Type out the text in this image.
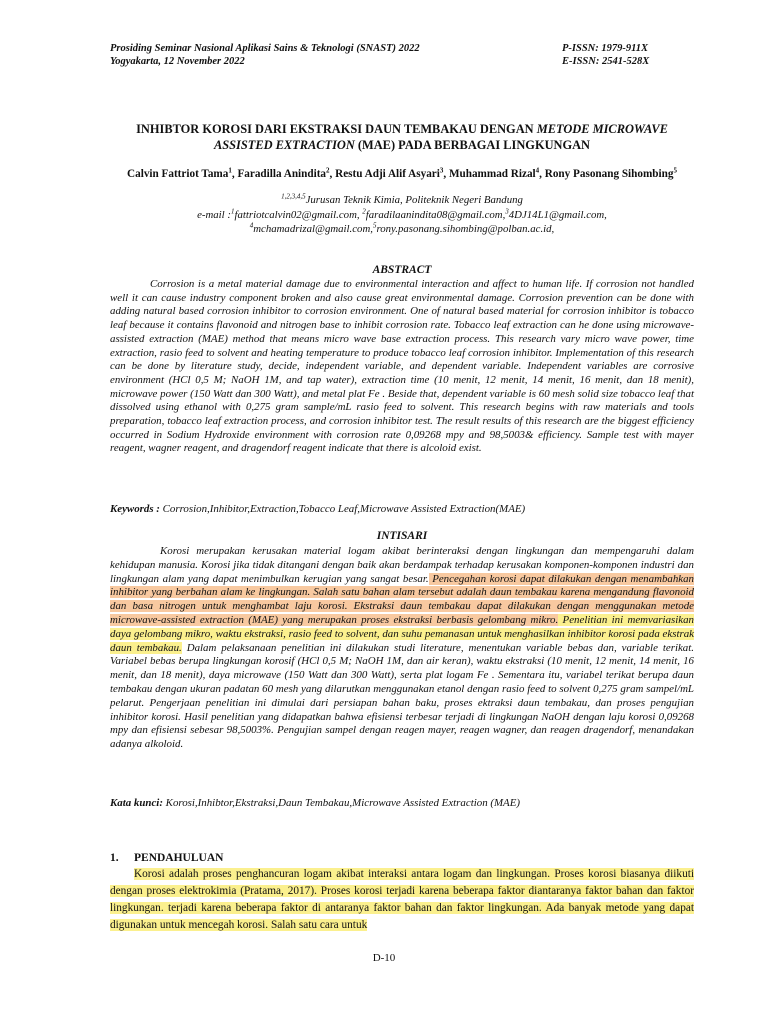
Prosiding Seminar Nasional Aplikasi Sains & Teknologi (SNAST) 2022
Yogyakarta, 12 November 2022
P-ISSN: 1979-911X
E-ISSN: 2541-528X
INHIBTOR KOROSI DARI EKSTRAKSI DAUN TEMBAKAU DENGAN METODE MICROWAVE ASSISTED EXTRACTION (MAE) PADA BERBAGAI LINGKUNGAN
Calvin Fattriot Tama$^1$, Faradilla Anindita$^2$, Restu Adji Alif Asyari$^3$, Muhammad Rizal$^4$, Rony Pasonang Sihombing$^5$
$^{1,2,3,4,5}$Jurusan Teknik Kimia, Politeknik Negeri Bandung
e-mail :$^1$fattriotcalvin02@gmail.com, $^2$faradilaanindita08@gmail.com,$^3$4DJ14L1@gmail.com,
$^4$mchamadrizal@gmail.com,$^5$rony.pasonang.sihombing@polban.ac.id,
ABSTRACT
Corrosion is a metal material damage due to environmental interaction and affect to human life. If corrosion not handled well it can cause industry component broken and also cause great environmental damage. Corrosion prevention can be done with adding natural based corrosion inhibitor to corrosion environment. One of natural based material for corrosion inhibitor is tobacco leaf because it contains flavonoid and nitrogen base to inhibit corrosion rate. Tobacco leaf extraction can he done using microwave-assisted extraction (MAE) method that means micro wave base extraction process. This research vary micro wave power, time extraction, rasio feed to solvent and heating temperature to produce tobacco leaf corrosion inhibitor. Implementation of this research can be done by literature study, decide, independent variable, and dependent variable. Independent variables are corrosive environment (HCl 0,5 M; NaOH 1M, and tap water), extraction time (10 menit, 12 menit, 14 menit, 16 menit, dan 18 menit), microwave power (150 Watt dan 300 Watt), and metal plat Fe . Beside that, dependent variable is 60 mesh solid size tobacco leaf that dissolved using ethanol with 0,275 gram sample/mL rasio feed to solvent. This research begins with raw materials and tools preparation, tobacco leaf extraction process, and corrosion inhibitor test. The result results of this research are the biggest efficiency occurred in Sodium Hydroxide environment with corrosion rate 0,09268 mpy and 98,5003& efficiency. Sample test with mayer reagent, wagner reagent, and dragendorf reagent indicate that there is alcoloid exist.
Keywords : Corrosion,Inhibitor,Extraction,Tobacco Leaf,Microwave Assisted Extraction(MAE)
INTISARI
Korosi merupakan kerusakan material logam akibat berinteraksi dengan lingkungan dan mempengaruhi dalam kehidupan manusia. Korosi jika tidak ditangani dengan baik akan berdampak terhadap kerusakan komponen-komponen industri dan lingkungan alam yang dapat menimbulkan kerugian yang sangat besar. Pencegahan korosi dapat dilakukan dengan menambahkan inhibitor yang berbahan alam ke lingkungan. Salah satu bahan alam tersebut adalah daun tembakau karena mengandung flavonoid dan basa nitrogen untuk menghambat laju korosi. Ekstraksi daun tembakau dapat dilakukan dengan menggunakan metode microwave-assisted extraction (MAE) yang merupakan proses ekstraksi berbasis gelombang mikro. Penelitian ini memvariasikan daya gelombang mikro, waktu ekstraksi, rasio feed to solvent, dan suhu pemanasan untuk menghasilkan inhibitor korosi pada ekstrak daun tembakau. Dalam pelaksanaan penelitian ini dilakukan studi literature, menentukan variable bebas dan, variable terikat. Variabel bebas berupa lingkungan korosif (HCl 0,5 M; NaOH 1M, dan air keran), waktu ekstraksi (10 menit, 12 menit, 14 menit, 16 menit, dan 18 menit), daya microwave (150 Watt dan 300 Watt), serta plat logam Fe . Sementara itu, variabel terikat berupa daun tembakau dengan ukuran padatan 60 mesh yang dilarutkan menggunakan etanol dengan rasio feed to solvent 0,275 gram sampel/mL pelarut. Pengerjaan penelitian ini dimulai dari persiapan bahan baku, proses ektraksi daun tembakau, dan proses pengujian inhibitor korosi. Hasil penelitian yang didapatkan bahwa efisiensi terbesar terjadi di lingkungan NaOH dengan laju korosi 0,09268 mpy dan efisiensi sebesar 98,5003%. Pengujian sampel dengan reagen mayer, reagen wagner, dan reagen dragendorf, menandakan adanya alkoloid.
Kata kunci: Korosi,Inhibtor,Ekstraksi,Daun Tembakau,Microwave Assisted Extraction (MAE)
1. PENDAHULUAN
Korosi adalah proses penghancuran logam akibat interaksi antara logam dan lingkungan. Proses korosi biasanya diikuti dengan proses elektrokimia (Pratama, 2017). Proses korosi terjadi karena beberapa faktor diantaranya faktor bahan dan faktor lingkungan. terjadi karena beberapa faktor di antaranya faktor bahan dan faktor lingkungan. Ada banyak metode yang dapat digunakan untuk mencegah korosi. Salah satu cara untuk
D-10
